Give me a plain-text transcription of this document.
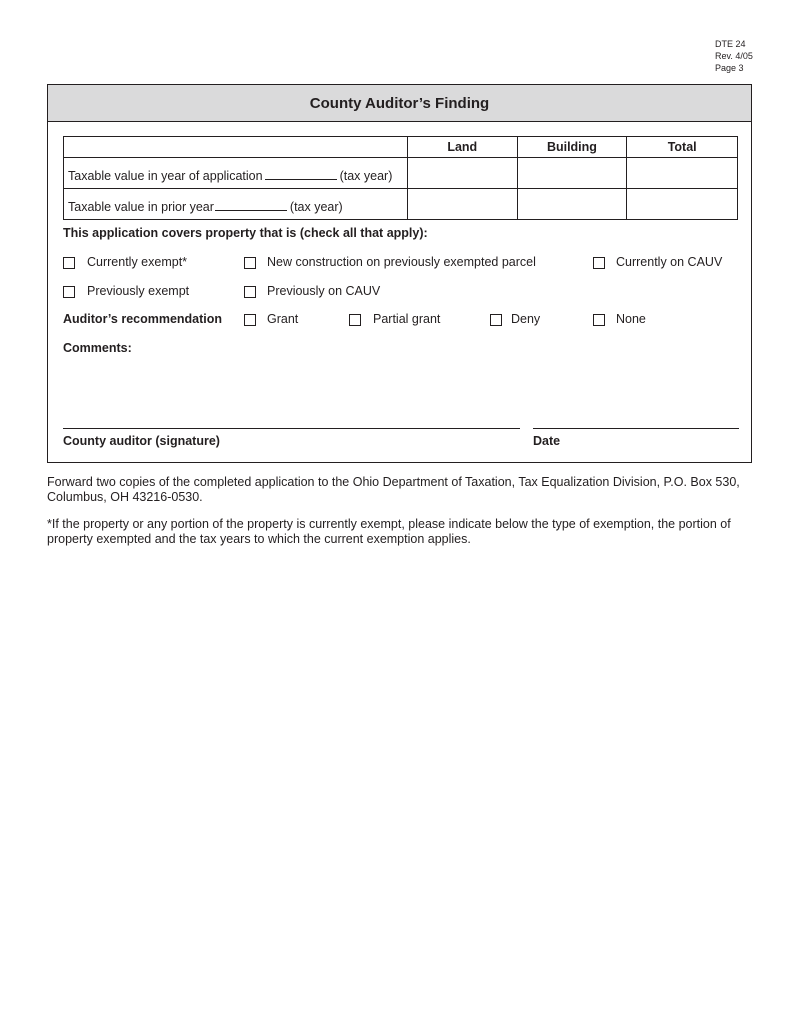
DTE 24
Rev. 4/05
Page 3
County Auditor’s Finding
	Land	Building	Total
Taxable value in year of application (tax year)			
Taxable value in prior year (tax year)			
This application covers property that is (check all that apply):
Currently exempt*	New construction on previously exempted parcel	Currently on CAUV
Previously exempt	Previously on CAUV
Auditor’s recommendation	Grant	Partial grant	Deny	None
Comments:
County auditor (signature)	Date
Forward two copies of the completed application to the Ohio Department of Taxation, Tax Equalization Division, P.O. Box 530, Columbus, OH 43216-0530.
*If the property or any portion of the property is currently exempt, please indicate below the type of exemption, the portion of property exempted and the tax years to which the current exemption applies.
